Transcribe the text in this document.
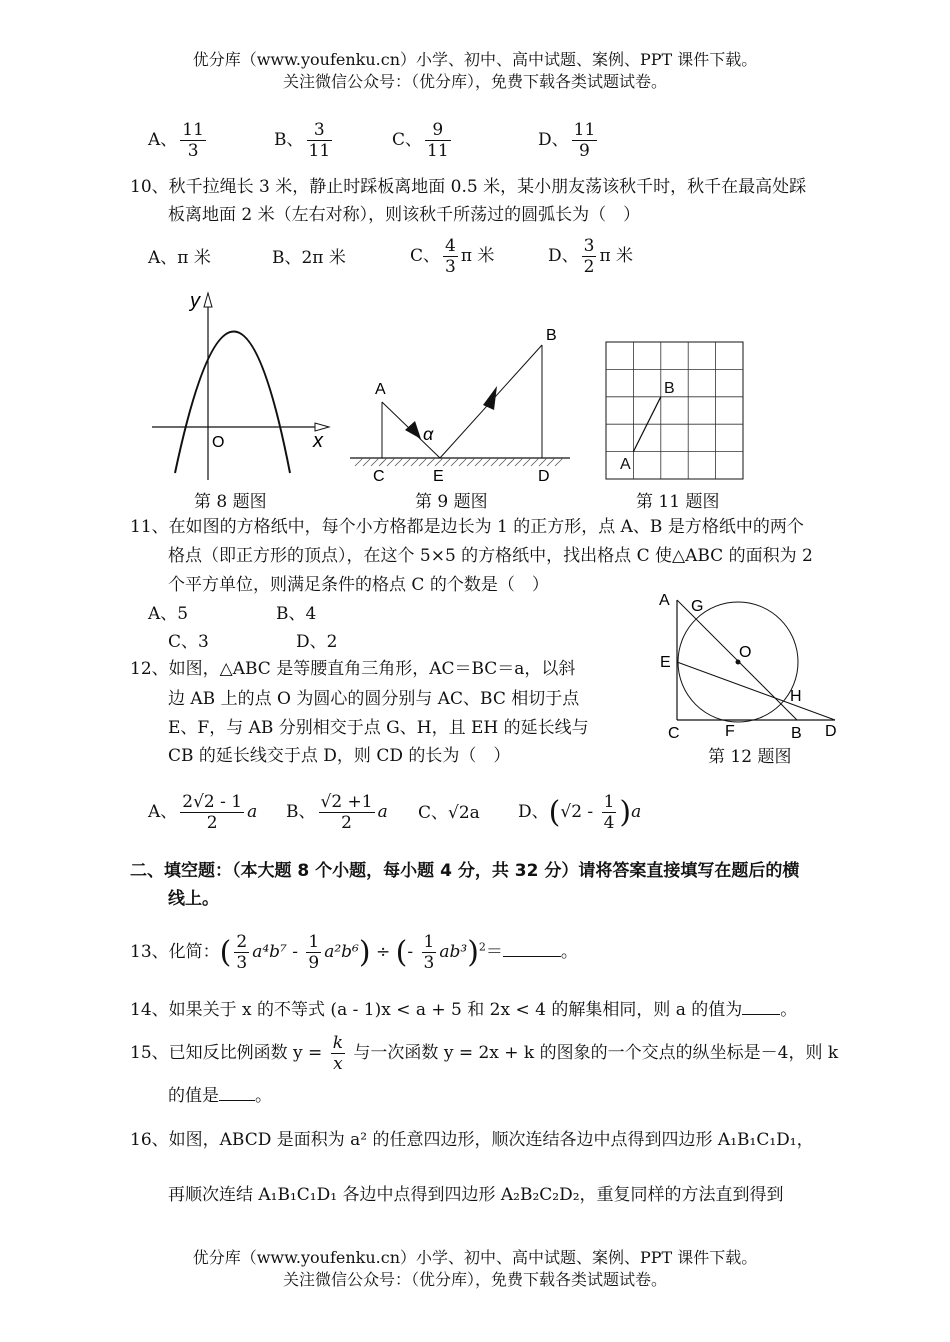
优分库（www.youfenku.cn）小学、初中、高中试题、案例、PPT 课件下载。
关注微信公众号：（优分库），免费下载各类试题试卷。
A、 $\frac{11}{3}$	B、 $\frac{3}{11}$	C、 $\frac{9}{11}$	D、 $\frac{11}{9}$
10、秋千拉绳长 3 米，静止时踩板离地面 0.5 米，某小朋友荡该秋千时，秋千在最高处踩
板离地面 2 米（左右对称），则该秋千所荡过的圆弧长为（　）
A、π 米	B、2π 米	C、 $\frac{4}{3}$ π 米	D、 $\frac{3}{2}$ π 米
y
x
O
第 8 题图
A
B
C	E	D
α
第 9 题图
A
B
第 11 题图
11、在如图的方格纸中，每个小方格都是边长为 1 的正方形，点 A、B 是方格纸中的两个
格点（即正方形的顶点），在这个 5×5 的方格纸中，找出格点 C 使△ABC 的面积为 2
个平方单位，则满足条件的格点 C 的个数是（　）
A、5	B、4
C、3	D、2
A G
O
E
H
C	F	B D
第 12 题图
12、如图，△ABC 是等腰直角三角形，AC＝BC＝a，以斜
边 AB 上的点 O 为圆心的圆分别与 AC、BC 相切于点
E、F，与 AB 分别相交于点 G、H，且 EH 的延长线与
CB 的延长线交于点 D，则 CD 的长为（　）
A、 $\frac{2√2 - 1}{2}$ a B、 $\frac{√2 +1}{2}$ a C、√2a D、$(√2 - \frac{1}{4} )a$
二、填空题：（本大题 8 个小题，每小题 4 分，共 32 分）请将答案直接填写在题后的横
线上。
13、化简：( $\frac{2}{3} a^4b^7 - \frac{1}{9} a^2b^6$) ÷ (- $\frac{1}{3} ab^3)^2=$	。
14、如果关于 x 的不等式 (a - 1)x < a + 5 和 2x < 4 的解集相同，则 a 的值为 。
15、已知反比例函数 $y = \frac{k}{x}$ 与一次函数 y = 2x + k 的图象的一个交点的纵坐标是－4，则 k
的值是 。
16、如图，ABCD 是面积为 a² 的任意四边形，顺次连结各边中点得到四边形 A₁B₁C₁D₁，
再顺次连结 A₁B₁C₁D₁ 各边中点得到四边形 A₂B₂C₂D₂，重复同样的方法直到得到
优分库（www.youfenku.cn）小学、初中、高中试题、案例、PPT 课件下载。
关注微信公众号：（优分库），免费下载各类试题试卷。
